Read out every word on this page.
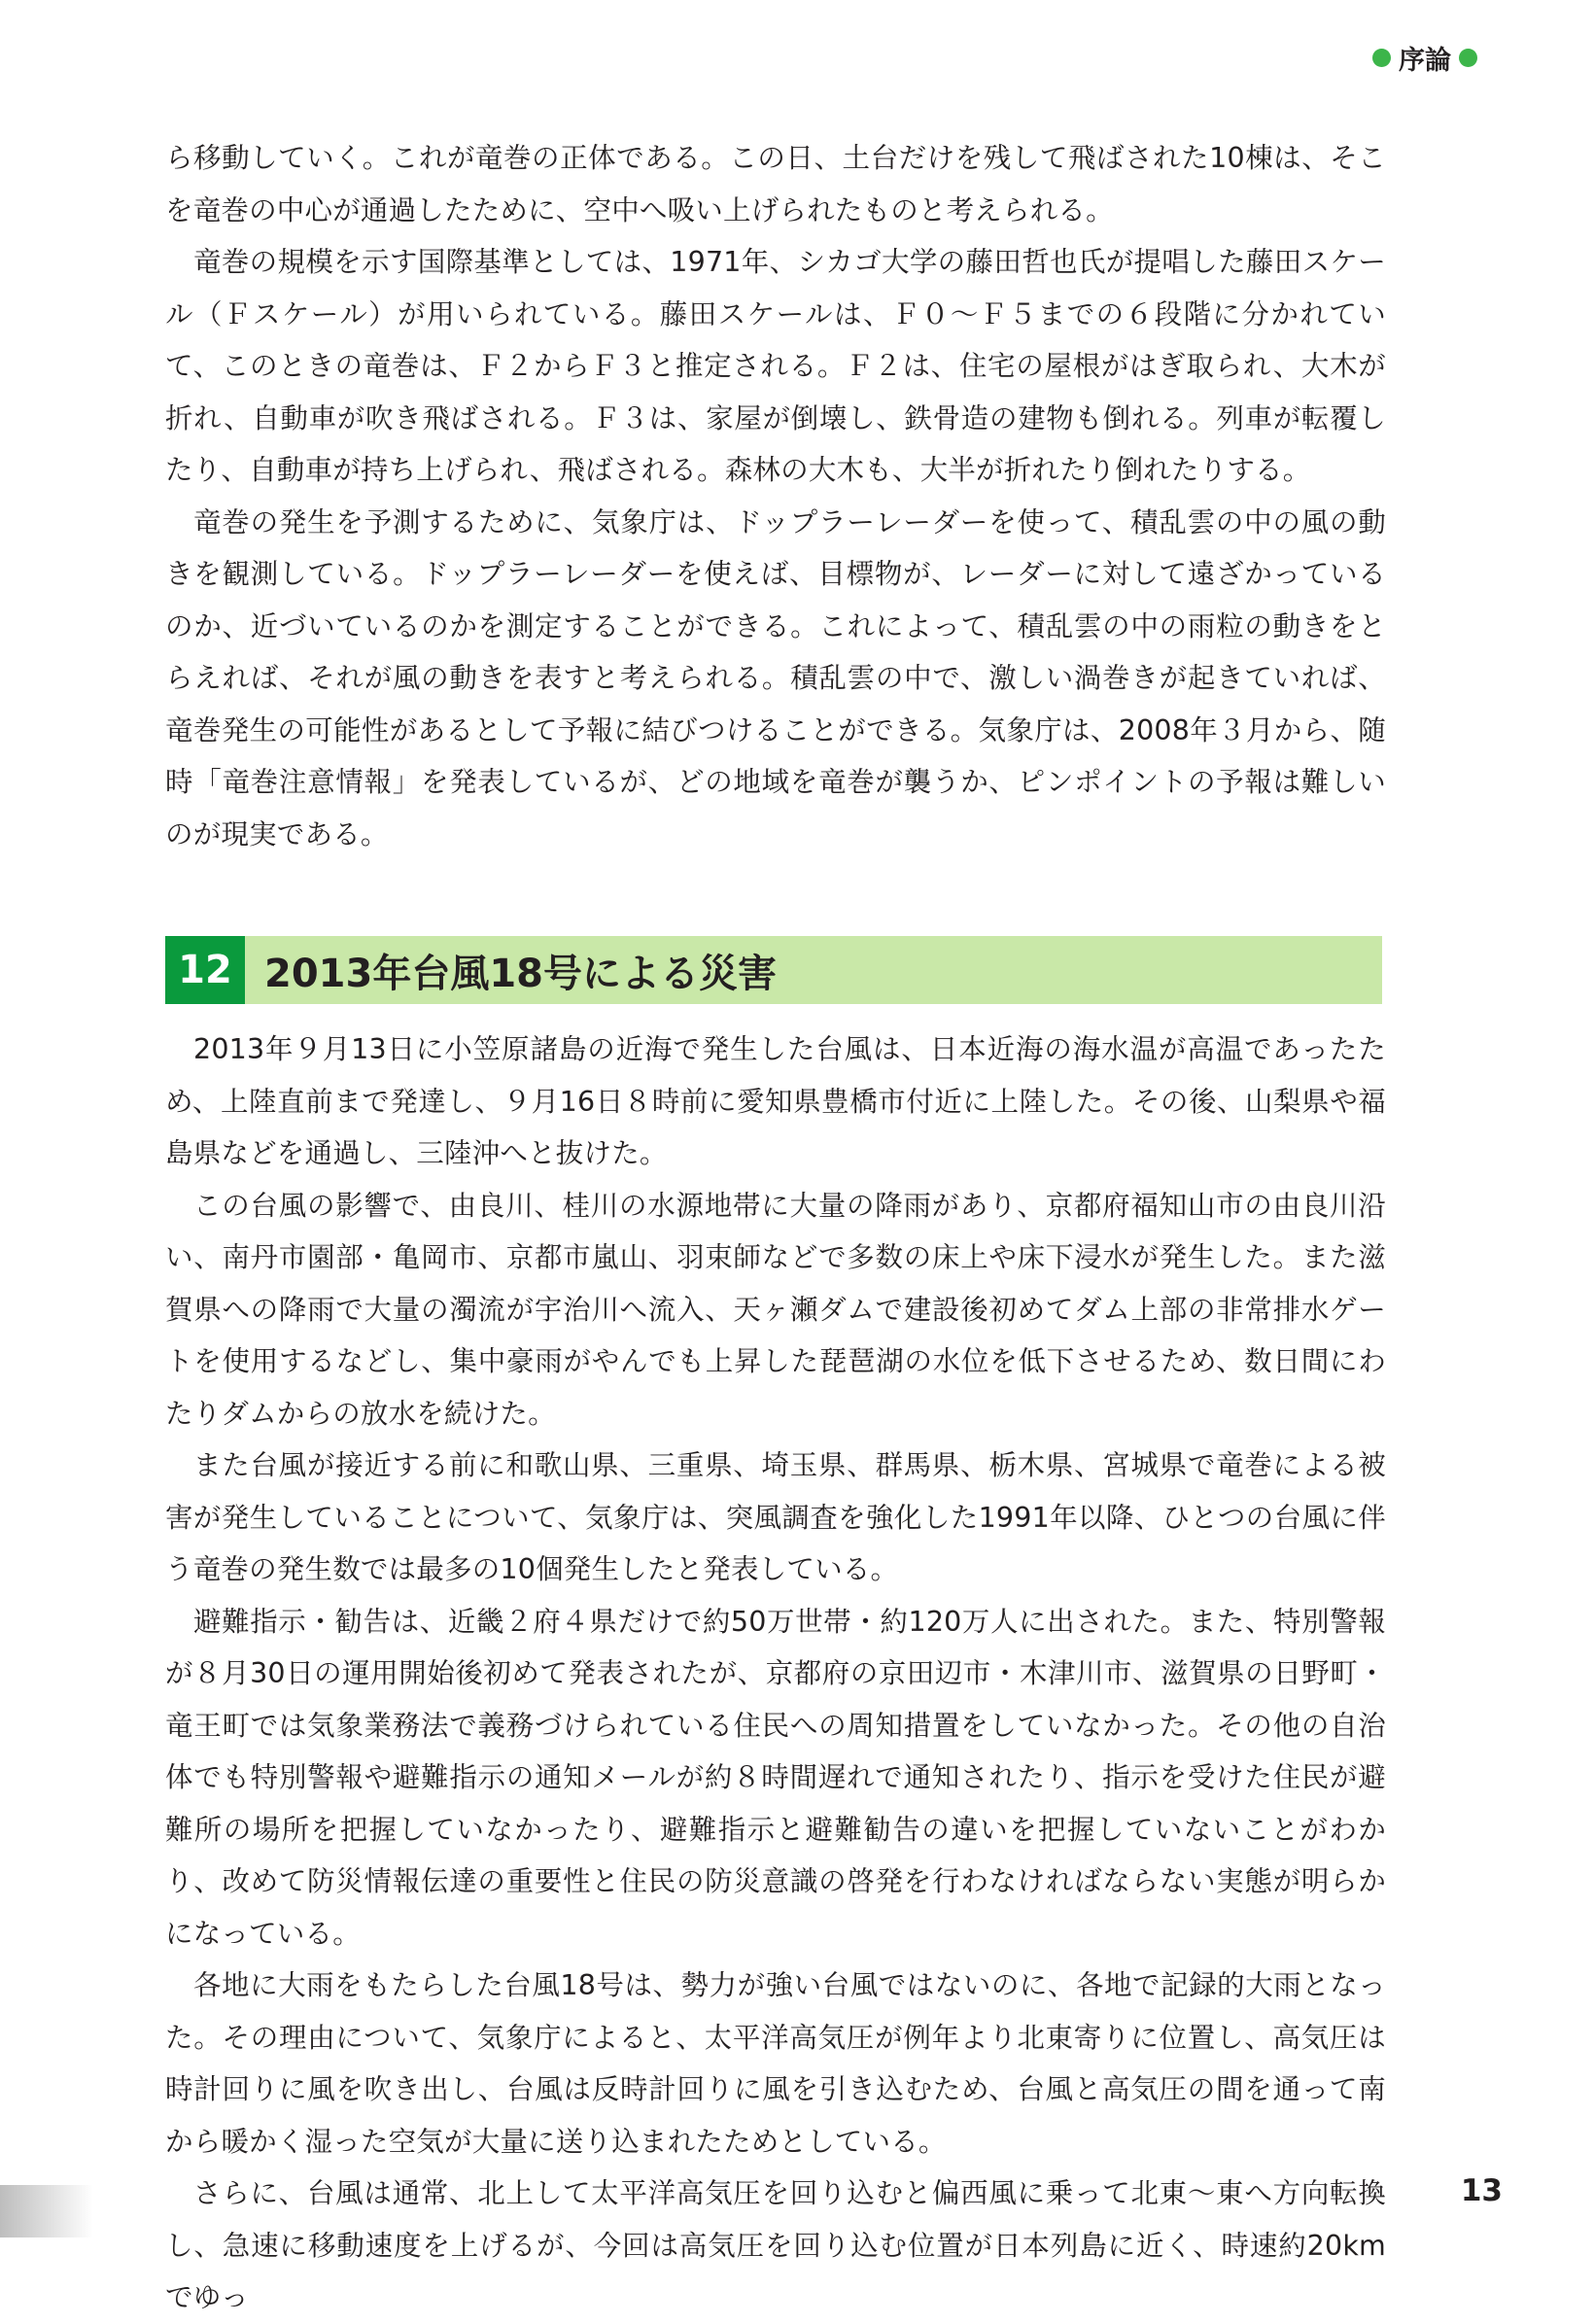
序論

ら移動していく。これが竜巻の正体である。この日、土台だけを残して飛ばされた10棟は、そこを竜巻の中心が通過したために、空中へ吸い上げられたものと考えられる。

竜巻の規模を示す国際基準としては、1971年、シカゴ大学の藤田哲也氏が提唱した藤田スケール（Ｆスケール）が用いられている。藤田スケールは、Ｆ０～Ｆ５までの６段階に分かれていて、このときの竜巻は、Ｆ２からＦ３と推定される。Ｆ２は、住宅の屋根がはぎ取られ、大木が折れ、自動車が吹き飛ばされる。Ｆ３は、家屋が倒壊し、鉄骨造の建物も倒れる。列車が転覆したり、自動車が持ち上げられ、飛ばされる。森林の大木も、大半が折れたり倒れたりする。

竜巻の発生を予測するために、気象庁は、ドップラーレーダーを使って、積乱雲の中の風の動きを観測している。ドップラーレーダーを使えば、目標物が、レーダーに対して遠ざかっているのか、近づいているのかを測定することができる。これによって、積乱雲の中の雨粒の動きをとらえれば、それが風の動きを表すと考えられる。積乱雲の中で、激しい渦巻きが起きていれば、竜巻発生の可能性があるとして予報に結びつけることができる。気象庁は、2008年３月から、随時「竜巻注意情報」を発表しているが、どの地域を竜巻が襲うか、ピンポイントの予報は難しいのが現実である。

12 2013年台風18号による災害

2013年９月13日に小笠原諸島の近海で発生した台風は、日本近海の海水温が高温であったため、上陸直前まで発達し、９月16日８時前に愛知県豊橋市付近に上陸した。その後、山梨県や福島県などを通過し、三陸沖へと抜けた。

この台風の影響で、由良川、桂川の水源地帯に大量の降雨があり、京都府福知山市の由良川沿い、南丹市園部・亀岡市、京都市嵐山、羽束師などで多数の床上や床下浸水が発生した。また滋賀県への降雨で大量の濁流が宇治川へ流入、天ヶ瀬ダムで建設後初めてダム上部の非常排水ゲートを使用するなどし、集中豪雨がやんでも上昇した琵琶湖の水位を低下させるため、数日間にわたりダムからの放水を続けた。

また台風が接近する前に和歌山県、三重県、埼玉県、群馬県、栃木県、宮城県で竜巻による被害が発生していることについて、気象庁は、突風調査を強化した1991年以降、ひとつの台風に伴う竜巻の発生数では最多の10個発生したと発表している。

避難指示・勧告は、近畿２府４県だけで約50万世帯・約120万人に出された。また、特別警報が８月30日の運用開始後初めて発表されたが、京都府の京田辺市・木津川市、滋賀県の日野町・竜王町では気象業務法で義務づけられている住民への周知措置をしていなかった。その他の自治体でも特別警報や避難指示の通知メールが約８時間遅れで通知されたり、指示を受けた住民が避難所の場所を把握していなかったり、避難指示と避難勧告の違いを把握していないことがわかり、改めて防災情報伝達の重要性と住民の防災意識の啓発を行わなければならない実態が明らかになっている。

各地に大雨をもたらした台風18号は、勢力が強い台風ではないのに、各地で記録的大雨となった。その理由について、気象庁によると、太平洋高気圧が例年より北東寄りに位置し、高気圧は時計回りに風を吹き出し、台風は反時計回りに風を引き込むため、台風と高気圧の間を通って南から暖かく湿った空気が大量に送り込まれたためとしている。

さらに、台風は通常、北上して太平洋高気圧を回り込むと偏西風に乗って北東～東へ方向転換し、急速に移動速度を上げるが、今回は高気圧を回り込む位置が日本列島に近く、時速約20kmでゆっ

13
